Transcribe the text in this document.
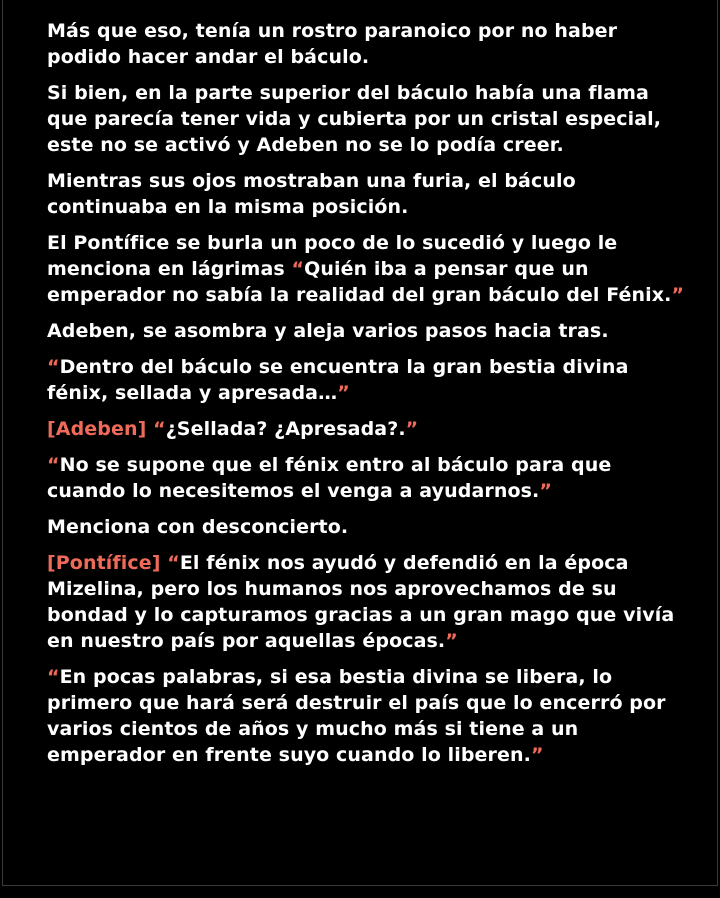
Más que eso, tenía un rostro paranoico por no haber podido hacer andar el báculo.

Si bien, en la parte superior del báculo había una flama que parecía tener vida y cubierta por un cristal especial, este no se activó y Adeben no se lo podía creer.

Mientras sus ojos mostraban una furia, el báculo continuaba en la misma posición.

El Pontífice se burla un poco de lo sucedió y luego le menciona en lágrimas “Quién iba a pensar que un emperador no sabía la realidad del gran báculo del Fénix.”

Adeben, se asombra y aleja varios pasos hacia tras.

“Dentro del báculo se encuentra la gran bestia divina fénix, sellada y apresada…”

[Adeben] “¿Sellada? ¿Apresada?.”

“No se supone que el fénix entro al báculo para que cuando lo necesitemos el venga a ayudarnos.”

Menciona con desconcierto.

[Pontífice] “El fénix nos ayudó y defendió en la época Mizelina, pero los humanos nos aprovechamos de su bondad y lo capturamos gracias a un gran mago que vivía en nuestro país por aquellas épocas.”

“En pocas palabras, si esa bestia divina se libera, lo primero que hará será destruir el país que lo encerró por varios cientos de años y mucho más si tiene a un emperador en frente suyo cuando lo liberen.”
